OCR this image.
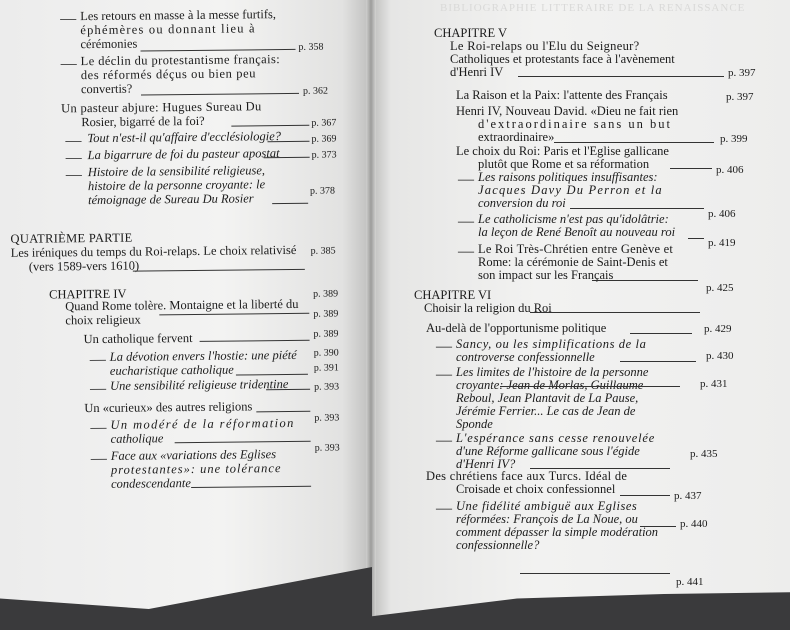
— Les retours en masse à la messe furtifs,
éphémères ou donnant lieu à
cérémonies	p. 358
— Le déclin du protestantisme français:
des réformés déçus ou bien peu
convertis?	p. 362
Un pasteur abjure: Hugues Sureau Du
Rosier, bigarré de la foi?	p. 367
— Tout n'est-il qu'affaire d'ecclésiologie?	p. 369
— La bigarrure de foi du pasteur apostat	p. 373
— Histoire de la sensibilité religieuse,
histoire de la personne croyante: le
témoignage de Sureau Du Rosier
p. 378
QUATRIÈME PARTIE
Les iréniques du temps du Roi-relaps. Le choix relativisé
(vers 1589-vers 1610)
p. 385
CHAPITRE IV
Quand Rome tolère. Montaigne et la liberté du
choix religieux
p. 389
p. 389
Un catholique fervent	p. 389
— La dévotion envers l'hostie: une piété
eucharistique catholique
p. 390
— Une sensibilité religieuse tridentine
p. 391
Un «curieux» des autres religions
p. 393
— Un modéré de la réformation
catholique
p. 393
— Face aux «variations des Eglises
protestantes»: une tolérance
condescendante
p. 393
BIBLIOGRAPHIE LITTERAIRE DE LA RENAISSANCE
CHAPITRE V
Le Roi-relaps ou l'Elu du Seigneur?
Catholiques et protestants face à l'avènement
d'Henri IV	p. 397
La Raison et la Paix: l'attente des Français	p. 397
Henri IV, Nouveau David. «Dieu ne fait rien
d'extraordinaire sans un but
extraordinaire»	p. 399
Le choix du Roi: Paris et l'Eglise gallicane
plutôt que Rome et sa réformation	p. 406
— Les raisons politiques insuffisantes:
Jacques Davy Du Perron et la
conversion du roi
p. 406
— Le catholicisme n'est pas qu'idolâtrie:
la leçon de René Benoît au nouveau roi
p. 419
— Le Roi Très-Chrétien entre Genève et
Rome: la cérémonie de Saint-Denis et
son impact sur les Français
p. 425
CHAPITRE VI
Choisir la religion du Roi
Au-delà de l'opportunisme politique	p. 429
— Sancy, ou les simplifications de la
controverse confessionnelle	p. 430
— Les limites de l'histoire de la personne
croyante: Jean de Morlas, Guillaume
Reboul, Jean Plantavit de La Pause,
Jérémie Ferrier... Le cas de Jean de
Sponde
p. 431
— L'espérance sans cesse renouvelée
d'une Réforme gallicane sous l'égide
d'Henri IV?
p. 435
Des chrétiens face aux Turcs. Idéal de
Croisade et choix confessionnel	p. 437
— Une fidélité ambiguë aux Eglises
réformées: François de La Noue, ou
comment dépasser la simple modération
confessionnelle?
p. 440
p. 441
